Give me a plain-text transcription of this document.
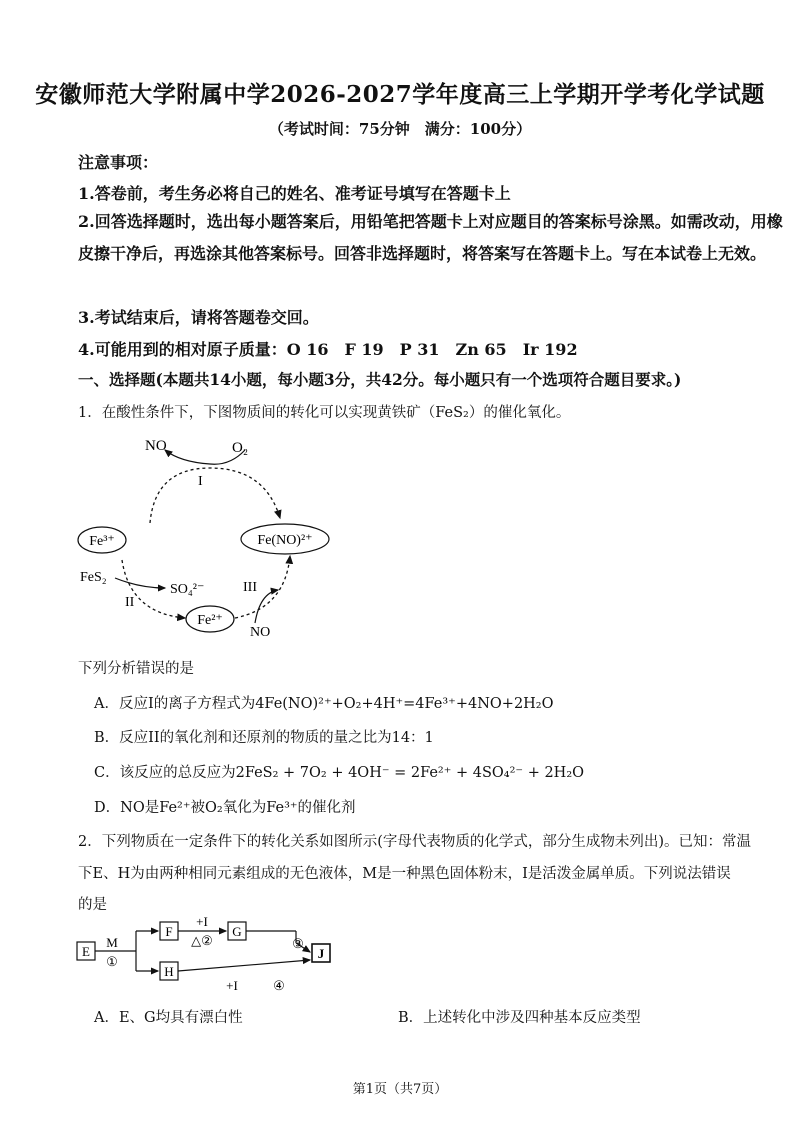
安徽师范大学附属中学2026-2027学年度高三上学期开学考化学试题
（考试时间：75分钟　满分：100分）
注意事项：
1.答卷前，考生务必将自己的姓名、准考证号填写在答题卡上
2.回答选择题时，选出每小题答案后，用铅笔把答题卡上对应题目的答案标号涂黑。如需改动，用橡皮擦干净后，再选涂其他答案标号。回答非选择题时，将答案写在答题卡上。写在本试卷上无效。
3.考试结束后，请将答题卷交回。
4.可能用到的相对原子质量：O 16　F 19　P 31　Zn 65　Ir 192
一、选择题(本题共14小题，每小题3分，共42分。每小题只有一个选项符合题目要求。)
1．在酸性条件下，下图物质间的转化可以实现黄铁矿（FeS₂）的催化氧化。
NO	O₂
I
Fe³⁺	Fe(NO)²⁺
FeS₂
SO₄²⁻
II
III
Fe²⁺
NO
下列分析错误的是
A．反应I的离子方程式为4Fe(NO)²⁺+O₂+4H⁺=4Fe³⁺+4NO+2H₂O
B．反应II的氧化剂和还原剂的物质的量之比为14：1
C．该反应的总反应为2FeS₂ + 7O₂ + 4OH⁻ = 2Fe²⁺ + 4SO₄²⁻ + 2H₂O
D．NO是Fe²⁺被O₂氧化为Fe³⁺的催化剂
2．下列物质在一定条件下的转化关系如图所示(字母代表物质的化学式，部分生成物未列出)。已知：常温
下E、H为由两种相同元素组成的无色液体，M是一种黑色固体粉末，I是活泼金属单质。下列说法错误
的是
E
M
①
F
+I
△②
G
③
J
H
+I	④
A．E、G均具有漂白性	B．上述转化中涉及四种基本反应类型
第1页（共7页）
